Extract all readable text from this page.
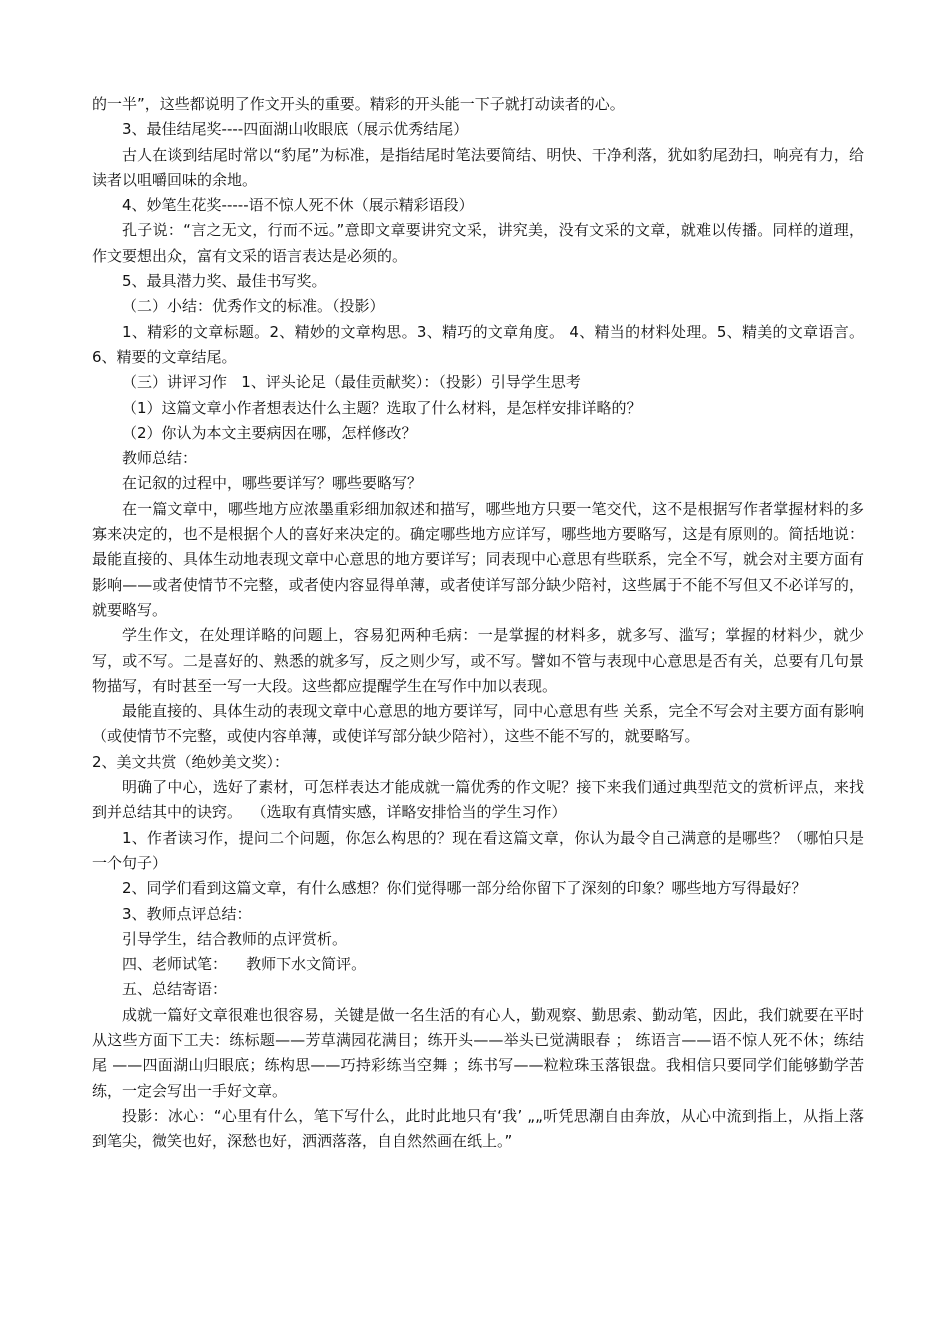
的一半”，这些都说明了作文开头的重要。精彩的开头能一下子就打动读者的心。

3、最佳结尾奖----四面湖山收眼底（展示优秀结尾）

古人在谈到结尾时常以“豹尾”为标准，是指结尾时笔法要简结、明快、干净利落，犹如豹尾劲扫，响亮有力，给读者以咀嚼回味的余地。

4、妙笔生花奖-----语不惊人死不休（展示精彩语段）

孔子说：“言之无文，行而不远。”意即文章要讲究文采，讲究美，没有文采的文章，就难以传播。同样的道理，作文要想出众，富有文采的语言表达是必须的。

5、最具潜力奖、最佳书写奖。

（二）小结：优秀作文的标准。（投影）

1、精彩的文章标题。2、精妙的文章构思。3、精巧的文章角度。 4、精当的材料处理。5、精美的文章语言。6、精要的文章结尾。

（三）讲评习作   1、评头论足（最佳贡献奖）：（投影）引导学生思考

（1）这篇文章小作者想表达什么主题？选取了什么材料，是怎样安排详略的？

（2）你认为本文主要病因在哪，怎样修改？

教师总结：

在记叙的过程中，哪些要详写？哪些要略写？

在一篇文章中，哪些地方应浓墨重彩细加叙述和描写，哪些地方只要一笔交代，这不是根据写作者掌握材料的多寡来决定的，也不是根据个人的喜好来决定的。确定哪些地方应详写，哪些地方要略写，这是有原则的。简括地说：最能直接的、具体生动地表现文章中心意思的地方要详写；同表现中心意思有些联系，完全不写，就会对主要方面有影响——或者使情节不完整，或者使内容显得单薄，或者使详写部分缺少陪衬，这些属于不能不写但又不必详写的，就要略写。

学生作文，在处理详略的问题上，容易犯两种毛病：一是掌握的材料多，就多写、滥写；掌握的材料少，就少写，或不写。二是喜好的、熟悉的就多写，反之则少写，或不写。譬如不管与表现中心意思是否有关，总要有几句景物描写，有时甚至一写一大段。这些都应提醒学生在写作中加以表现。

最能直接的、具体生动的表现文章中心意思的地方要详写，同中心意思有些 关系，完全不写会对主要方面有影响（或使情节不完整，或使内容单薄，或使详写部分缺少陪衬），这些不能不写的，就要略写。

2、美文共赏（绝妙美文奖）：

明确了中心，选好了素材，可怎样表达才能成就一篇优秀的作文呢？接下来我们通过典型范文的赏析评点，来找到并总结其中的诀窍。  （选取有真情实感，详略安排恰当的学生习作）

1、作者读习作，提问二个问题，你怎么构思的？现在看这篇文章，你认为最令自己满意的是哪些？（哪怕只是一个句子）

2、同学们看到这篇文章，有什么感想？你们觉得哪一部分给你留下了深刻的印象？哪些地方写得最好？

3、教师点评总结：

引导学生，结合教师的点评赏析。

四、老师试笔：    教师下水文简评。

五、总结寄语：

成就一篇好文章很难也很容易，关键是做一名生活的有心人，勤观察、勤思索、勤动笔，因此，我们就要在平时从这些方面下工夫：练标题——芳草满园花满目；练开头——举头已觉满眼春 ； 练语言——语不惊人死不休；练结尾 ——四面湖山归眼底；练构思——巧持彩练当空舞 ；练书写——粒粒珠玉落银盘。我相信只要同学们能够勤学苦练，一定会写出一手好文章。

投影：冰心：“心里有什么，笔下写什么，此时此地只有‘我’ „„听凭思潮自由奔放，从心中流到指上，从指上落到笔尖，微笑也好，深愁也好，洒洒落落，自自然然画在纸上。”
